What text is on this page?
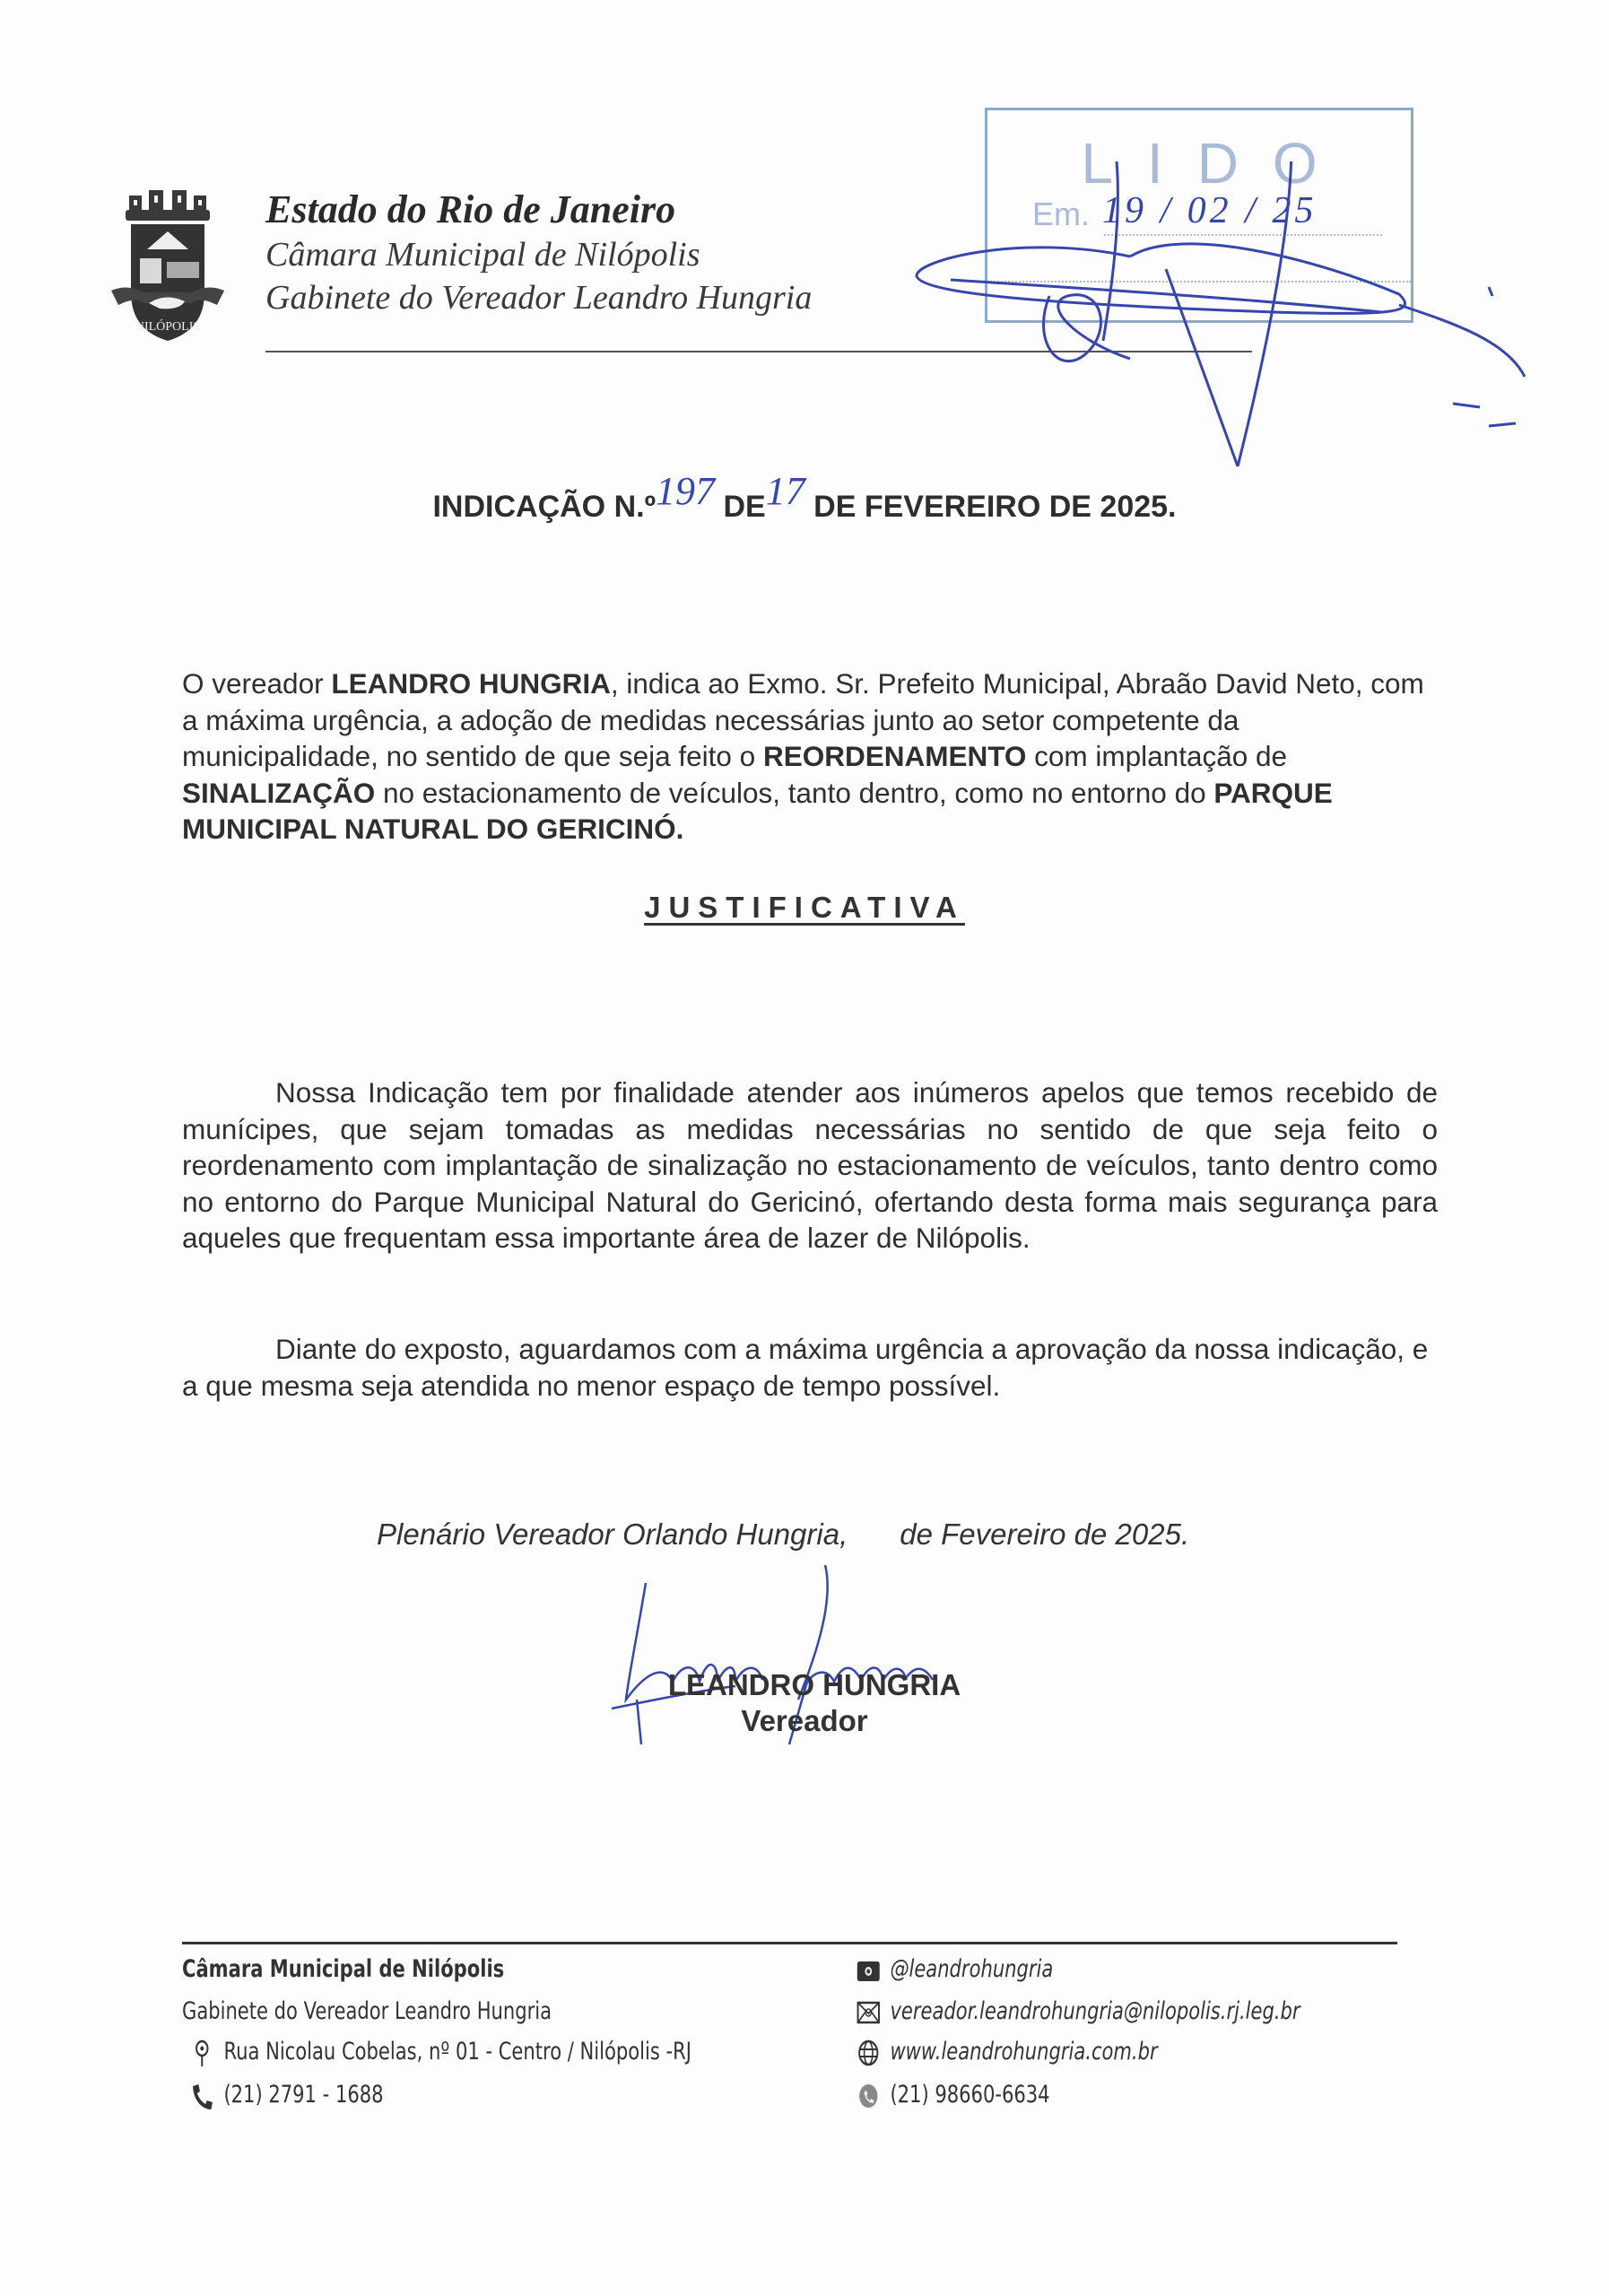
NILÓPOLIS
Estado do Rio de Janeiro
Câmara Municipal de Nilópolis
Gabinete do Vereador Leandro Hungria
LIDO
Em. 19 / 02 / 25
INDICAÇÃO N.º197 DE17 DE FEVEREIRO DE 2025.
O vereador LEANDRO HUNGRIA, indica ao Exmo. Sr. Prefeito Municipal, Abraão David Neto, com a máxima urgência, a adoção de medidas necessárias junto ao setor competente da municipalidade, no sentido de que seja feito o REORDENAMENTO com implantação de SINALIZAÇÃO no estacionamento de veículos, tanto dentro, como no entorno do PARQUE MUNICIPAL NATURAL DO GERICINÓ.
JUSTIFICATIVA
Nossa Indicação tem por finalidade atender aos inúmeros apelos que temos recebido de munícipes, que sejam tomadas as medidas necessárias no sentido de que seja feito o reordenamento com implantação de sinalização no estacionamento de veículos, tanto dentro como no entorno do Parque Municipal Natural do Gericinó, ofertando desta forma mais segurança para aqueles que frequentam essa importante área de lazer de Nilópolis.
Diante do exposto, aguardamos com a máxima urgência a aprovação da nossa indicação, e a que mesma seja atendida no menor espaço de tempo possível.
Plenário Vereador Orlando Hungria, de Fevereiro de 2025.
LEANDRO HUNGRIA
Vereador
Câmara Municipal de Nilópolis
Gabinete do Vereador Leandro Hungria
Rua Nicolau Cobelas, nº 01 - Centro / Nilópolis -RJ
(21) 2791 - 1688
@leandrohungria
vereador.leandrohungria@nilopolis.rj.leg.br
www.leandrohungria.com.br
(21) 98660-6634
